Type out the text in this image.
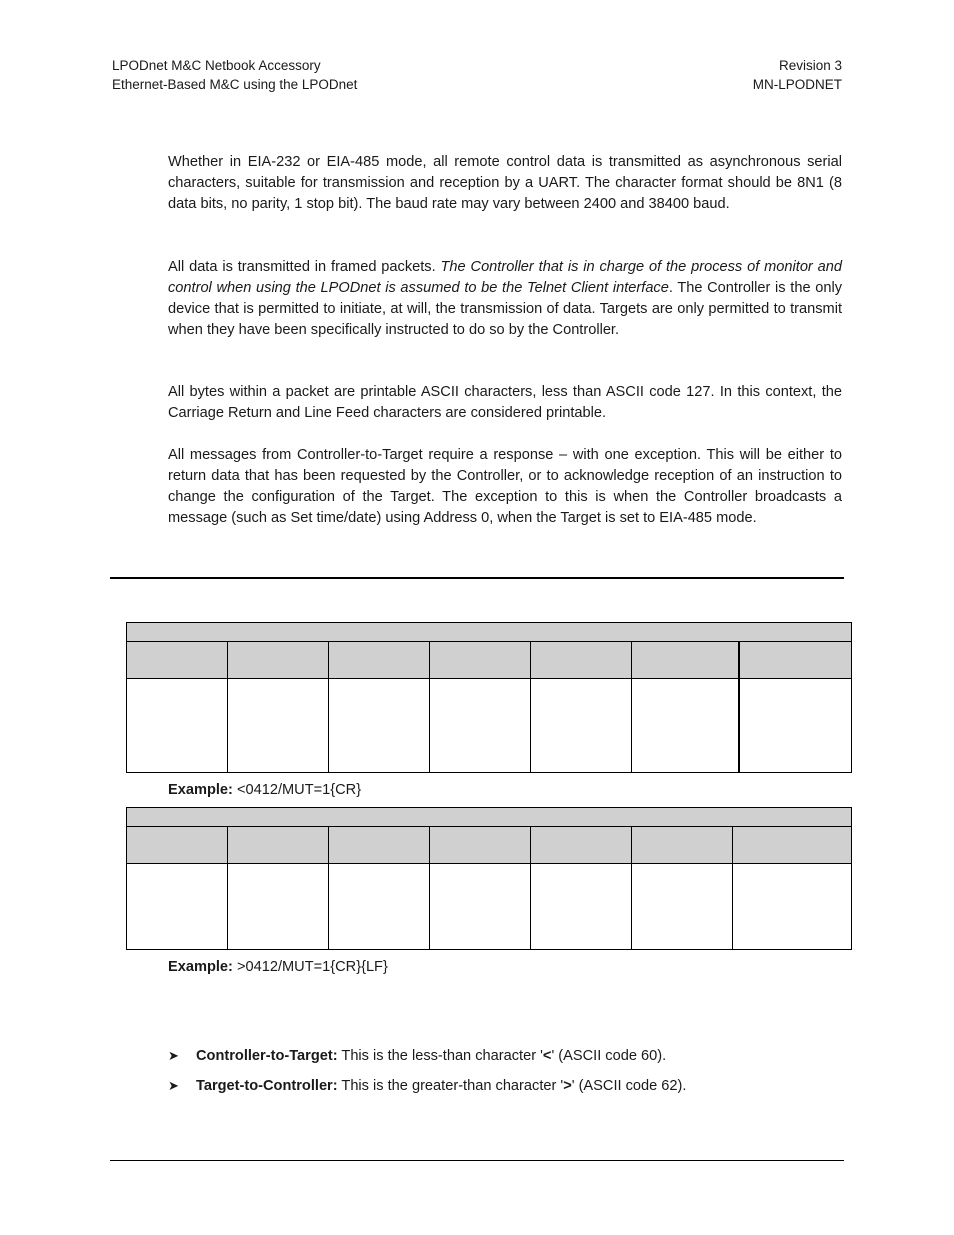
LPODnet M&C Netbook Accessory
Ethernet-Based M&C using the LPODnet
Revision 3
MN-LPODNET

Whether in EIA-232 or EIA-485 mode, all remote control data is transmitted as asynchronous serial characters, suitable for transmission and reception by a UART. The character format should be 8N1 (8 data bits, no parity, 1 stop bit). The baud rate may vary between 2400 and 38400 baud.

All data is transmitted in framed packets. The Controller that is in charge of the process of monitor and control when using the LPODnet is assumed to be the Telnet Client interface. The Controller is the only device that is permitted to initiate, at will, the transmission of data. Targets are only permitted to transmit when they have been specifically instructed to do so by the Controller.

All bytes within a packet are printable ASCII characters, less than ASCII code 127. In this context, the Carriage Return and Line Feed characters are considered printable.

All messages from Controller-to-Target require a response – with one exception. This will be either to return data that has been requested by the Controller, or to acknowledge reception of an instruction to change the configuration of the Target. The exception to this is when the Controller broadcasts a message (such as Set time/date) using Address 0, when the Target is set to EIA-485 mode.

Example: <0412/MUT=1{CR}

Example: >0412/MUT=1{CR}{LF}
➤ Controller-to-Target: This is the less-than character '<' (ASCII code 60).
➤ Target-to-Controller: This is the greater-than character '>' (ASCII code 62).
